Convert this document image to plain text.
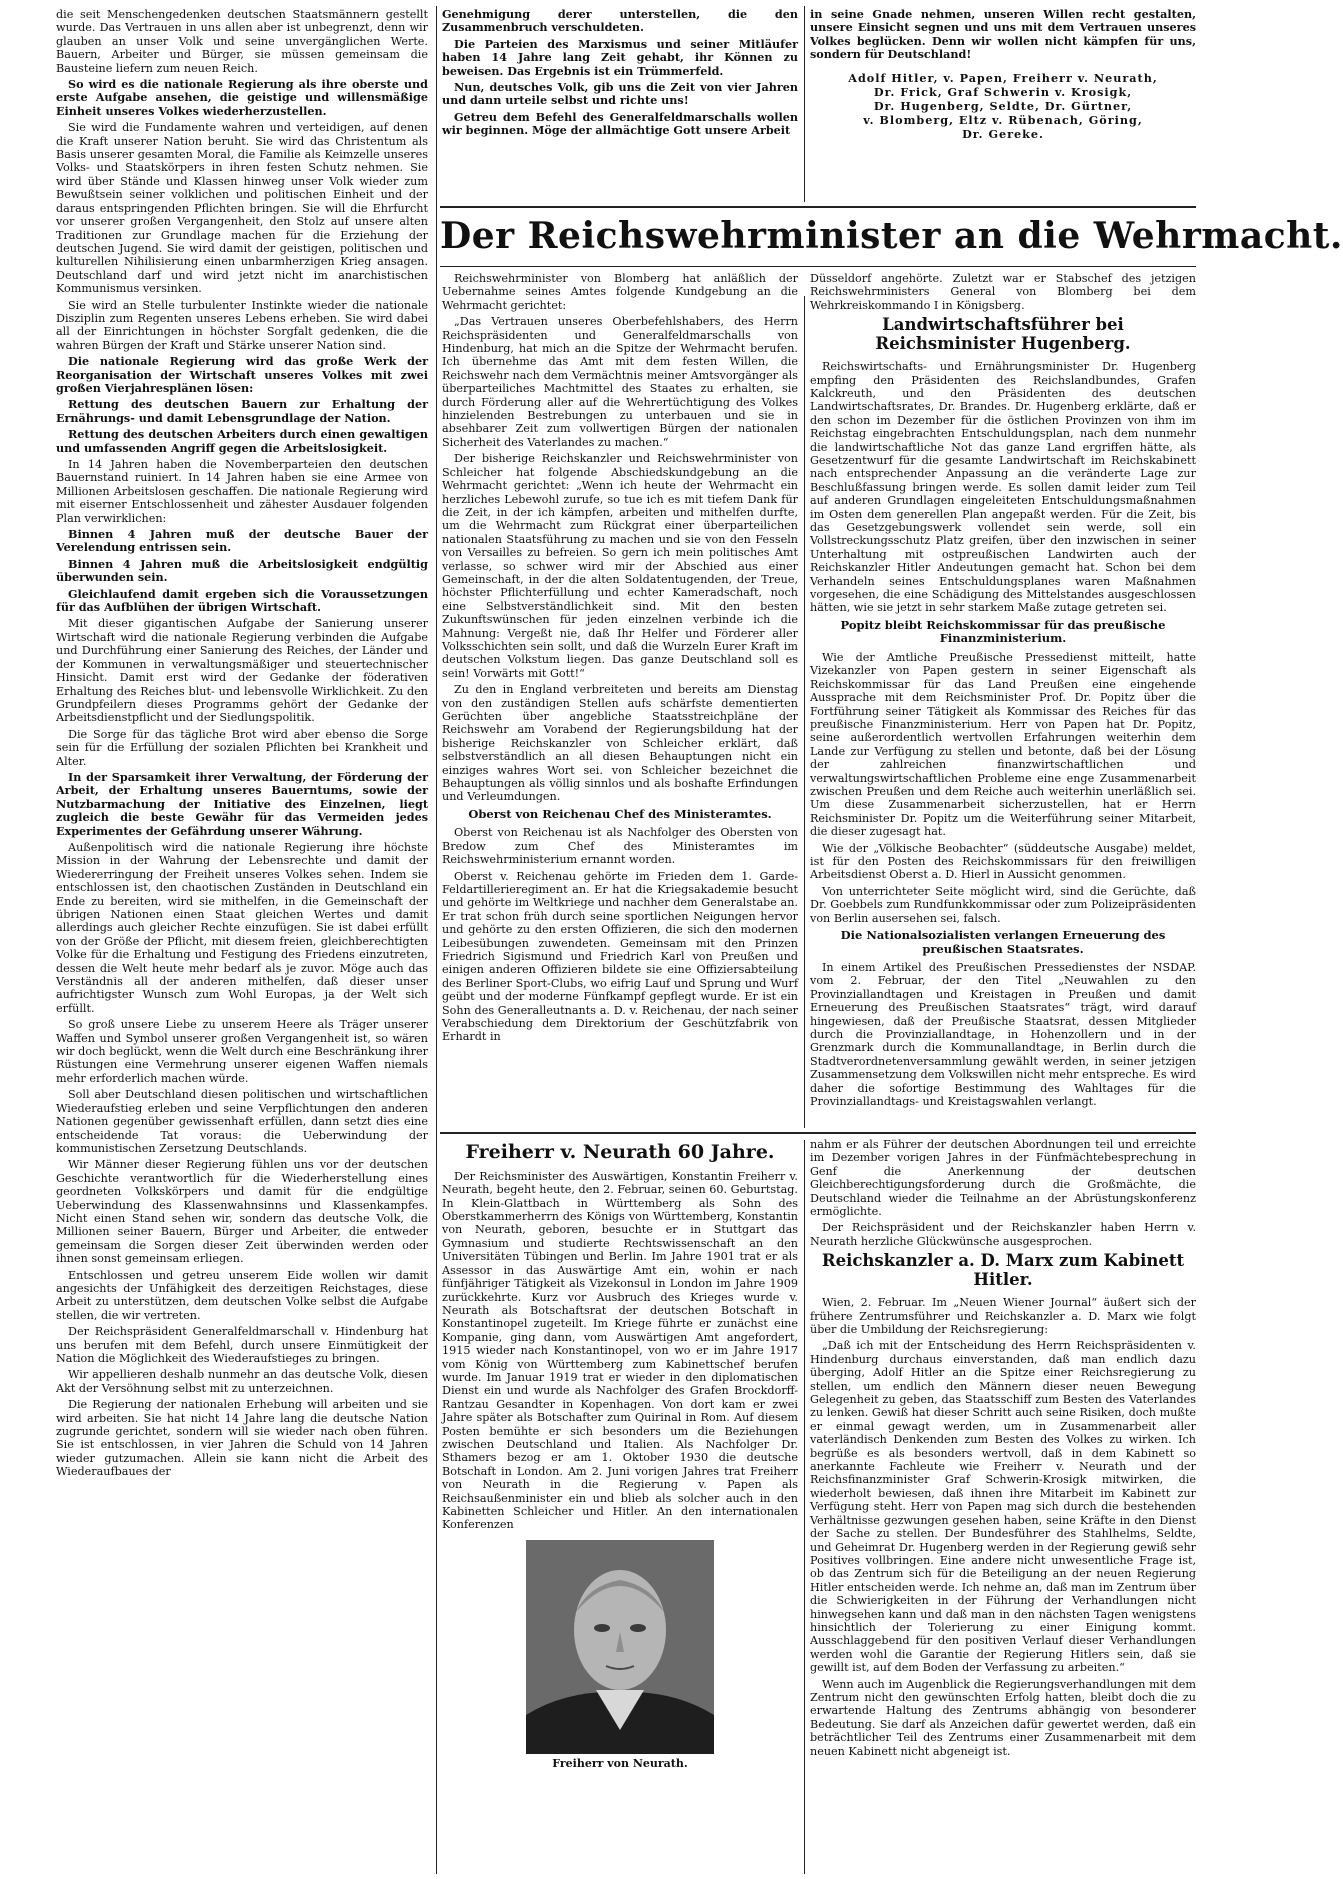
die seit Menschengedenken deutschen Staatsmännern gestellt wurde. Das Vertrauen in uns allen aber ist unbegrenzt, denn wir glauben an unser Volk und seine unvergänglichen Werte. Bauern, Arbeiter und Bürger, sie müssen gemeinsam die Bausteine liefern zum neuen Reich.

So wird es die nationale Regierung als ihre oberste und erste Aufgabe ansehen, die geistige und willensmäßige Einheit unseres Volkes wiederherzustellen.

Sie wird die Fundamente wahren und verteidigen, auf denen die Kraft unserer Nation beruht. Sie wird das Christentum als Basis unserer gesamten Moral, die Familie als Keimzelle unseres Volks- und Staatskörpers in ihren festen Schutz nehmen. Sie wird über Stände und Klassen hinweg unser Volk wieder zum Bewußtsein seiner volklichen und politischen Einheit und der daraus entspringenden Pflichten bringen. Sie will die Ehrfurcht vor unserer großen Vergangenheit, den Stolz auf unsere alten Traditionen zur Grundlage machen für die Erziehung der deutschen Jugend. Sie wird damit der geistigen, politischen und kulturellen Nihilisierung einen unbarmherzigen Krieg ansagen. Deutschland darf und wird jetzt nicht im anarchistischen Kommunismus versinken.

Sie wird an Stelle turbulenter Instinkte wieder die nationale Disziplin zum Regenten unseres Lebens erheben. Sie wird dabei all der Einrichtungen in höchster Sorgfalt gedenken, die die wahren Bürgen der Kraft und Stärke unserer Nation sind.

Die nationale Regierung wird das große Werk der Reorganisation der Wirtschaft unseres Volkes mit zwei großen Vierjahresplänen lösen:

Rettung des deutschen Bauern zur Erhaltung der Ernährungs- und damit Lebensgrundlage der Nation.

Rettung des deutschen Arbeiters durch einen gewaltigen und umfassenden Angriff gegen die Arbeitslosigkeit.

In 14 Jahren haben die Novemberparteien den deutschen Bauernstand ruiniert. In 14 Jahren haben sie eine Armee von Millionen Arbeitslosen geschaffen. Die nationale Regierung wird mit eiserner Entschlossenheit und zähester Ausdauer folgenden Plan verwirklichen:

Binnen 4 Jahren muß der deutsche Bauer der Verelendung entrissen sein.

Binnen 4 Jahren muß die Arbeitslosigkeit endgültig überwunden sein.

Gleichlaufend damit ergeben sich die Voraussetzungen für das Aufblühen der übrigen Wirtschaft.

Mit dieser gigantischen Aufgabe der Sanierung unserer Wirtschaft wird die nationale Regierung verbinden die Aufgabe und Durchführung einer Sanierung des Reiches, der Länder und der Kommunen in verwaltungsmäßiger und steuertechnischer Hinsicht. Damit erst wird der Gedanke der föderativen Erhaltung des Reiches blut- und lebensvolle Wirklichkeit. Zu den Grundpfeilern dieses Programms gehört der Gedanke der Arbeitsdienstpflicht und der Siedlungspolitik.

Die Sorge für das tägliche Brot wird aber ebenso die Sorge sein für die Erfüllung der sozialen Pflichten bei Krankheit und Alter.

In der Sparsamkeit ihrer Verwaltung, der Förderung der Arbeit, der Erhaltung unseres Bauerntums, sowie der Nutzbarmachung der Initiative des Einzelnen, liegt zugleich die beste Gewähr für das Vermeiden jedes Experimentes der Gefährdung unserer Währung.

Außenpolitisch wird die nationale Regierung ihre höchste Mission in der Wahrung der Lebensrechte und damit der Wiedererringung der Freiheit unseres Volkes sehen. Indem sie entschlossen ist, den chaotischen Zuständen in Deutschland ein Ende zu bereiten, wird sie mithelfen, in die Gemeinschaft der übrigen Nationen einen Staat gleichen Wertes und damit allerdings auch gleicher Rechte einzufügen. Sie ist dabei erfüllt von der Größe der Pflicht, mit diesem freien, gleichberechtigten Volke für die Erhaltung und Festigung des Friedens einzutreten, dessen die Welt heute mehr bedarf als je zuvor. Möge auch das Verständnis all der anderen mithelfen, daß dieser unser aufrichtigster Wunsch zum Wohl Europas, ja der Welt sich erfüllt.

So groß unsere Liebe zu unserem Heere als Träger unserer Waffen und Symbol unserer großen Vergangenheit ist, so wären wir doch beglückt, wenn die Welt durch eine Beschränkung ihrer Rüstungen eine Vermehrung unserer eigenen Waffen niemals mehr erforderlich machen würde.

Soll aber Deutschland diesen politischen und wirtschaftlichen Wiederaufstieg erleben und seine Verpflichtungen den anderen Nationen gegenüber gewissenhaft erfüllen, dann setzt dies eine entscheidende Tat voraus: die Ueberwindung der kommunistischen Zersetzung Deutschlands.

Wir Männer dieser Regierung fühlen uns vor der deutschen Geschichte verantwortlich für die Wiederherstellung eines geordneten Volkskörpers und damit für die endgültige Ueberwindung des Klassenwahnsinns und Klassenkampfes. Nicht einen Stand sehen wir, sondern das deutsche Volk, die Millionen seiner Bauern, Bürger und Arbeiter, die entweder gemeinsam die Sorgen dieser Zeit überwinden werden oder ihnen sonst gemeinsam erliegen.

Entschlossen und getreu unserem Eide wollen wir damit angesichts der Unfähigkeit des derzeitigen Reichstages, diese Arbeit zu unterstützen, dem deutschen Volke selbst die Aufgabe stellen, die wir vertreten.

Der Reichspräsident Generalfeldmarschall v. Hindenburg hat uns berufen mit dem Befehl, durch unsere Einmütigkeit der Nation die Möglichkeit des Wiederaufstieges zu bringen.

Wir appellieren deshalb nunmehr an das deutsche Volk, diesen Akt der Versöhnung selbst mit zu unterzeichnen.

Die Regierung der nationalen Erhebung will arbeiten und sie wird arbeiten. Sie hat nicht 14 Jahre lang die deutsche Nation zugrunde gerichtet, sondern will sie wieder nach oben führen. Sie ist entschlossen, in vier Jahren die Schuld von 14 Jahren wieder gutzumachen. Allein sie kann nicht die Arbeit des Wiederaufbaues der

Genehmigung derer unterstellen, die den Zusammenbruch verschuldeten.

Die Parteien des Marxismus und seiner Mitläufer haben 14 Jahre lang Zeit gehabt, ihr Können zu beweisen. Das Ergebnis ist ein Trümmerfeld.

Nun, deutsches Volk, gib uns die Zeit von vier Jahren und dann urteile selbst und richte uns!

Getreu dem Befehl des Generalfeldmarschalls wollen wir beginnen. Möge der allmächtige Gott unsere Arbeit

in seine Gnade nehmen, unseren Willen recht gestalten, unsere Einsicht segnen und uns mit dem Vertrauen unseres Volkes beglücken. Denn wir wollen nicht kämpfen für uns, sondern für Deutschland!

Adolf Hitler, v. Papen, Freiherr v. Neurath,
Dr. Frick, Graf Schwerin v. Krosigk,
Dr. Hugenberg, Seldte, Dr. Gürtner,
v. Blomberg, Eltz v. Rübenach, Göring,
Dr. Gereke.
Der Reichswehrminister an die Wehrmacht.

Reichswehrminister von Blomberg hat anläßlich der Uebernahme seines Amtes folgende Kundgebung an die Wehrmacht gerichtet:

„Das Vertrauen unseres Oberbefehlshabers, des Herrn Reichspräsidenten und Generalfeldmarschalls von Hindenburg, hat mich an die Spitze der Wehrmacht berufen. Ich übernehme das Amt mit dem festen Willen, die Reichswehr nach dem Vermächtnis meiner Amtsvorgänger als überparteiliches Machtmittel des Staates zu erhalten, sie durch Förderung aller auf die Wehrertüchtigung des Volkes hinzielenden Bestrebungen zu unterbauen und sie in absehbarer Zeit zum vollwertigen Bürgen der nationalen Sicherheit des Vaterlandes zu machen.“

Der bisherige Reichskanzler und Reichswehrminister von Schleicher hat folgende Abschiedskundgebung an die Wehrmacht gerichtet: „Wenn ich heute der Wehrmacht ein herzliches Lebewohl zurufe, so tue ich es mit tiefem Dank für die Zeit, in der ich kämpfen, arbeiten und mithelfen durfte, um die Wehrmacht zum Rückgrat einer überparteilichen nationalen Staatsführung zu machen und sie von den Fesseln von Versailles zu befreien. So gern ich mein politisches Amt verlasse, so schwer wird mir der Abschied aus einer Gemeinschaft, in der die alten Soldatentugenden, der Treue, höchster Pflichterfüllung und echter Kameradschaft, noch eine Selbstverständlichkeit sind. Mit den besten Zukunftswünschen für jeden einzelnen verbinde ich die Mahnung: Vergeßt nie, daß Ihr Helfer und Förderer aller Volksschichten sein sollt, und daß die Wurzeln Eurer Kraft im deutschen Volkstum liegen. Das ganze Deutschland soll es sein! Vorwärts mit Gott!“

Zu den in England verbreiteten und bereits am Dienstag von den zuständigen Stellen aufs schärfste dementierten Gerüchten über angebliche Staatsstreichpläne der Reichswehr am Vorabend der Regierungsbildung hat der bisherige Reichskanzler von Schleicher erklärt, daß selbstverständlich an all diesen Behauptungen nicht ein einziges wahres Wort sei. von Schleicher bezeichnet die Behauptungen als völlig sinnlos und als boshafte Erfindungen und Verleumdungen.

Oberst von Reichenau Chef des Ministeramtes.

Oberst von Reichenau ist als Nachfolger des Obersten von Bredow zum Chef des Ministeramtes im Reichswehrministerium ernannt worden.

Oberst v. Reichenau gehörte im Frieden dem 1. Garde-Feldartillerieregiment an. Er hat die Kriegsakademie besucht und gehörte im Weltkriege und nachher dem Generalstabe an. Er trat schon früh durch seine sportlichen Neigungen hervor und gehörte zu den ersten Offizieren, die sich den modernen Leibesübungen zuwendeten. Gemeinsam mit den Prinzen Friedrich Sigismund und Friedrich Karl von Preußen und einigen anderen Offizieren bildete sie eine Offiziersabteilung des Berliner Sport-Clubs, wo eifrig Lauf und Sprung und Wurf geübt und der moderne Fünfkampf gepflegt wurde. Er ist ein Sohn des Generalleutnants a. D. v. Reichenau, der nach seiner Verabschiedung dem Direktorium der Geschützfabrik von Erhardt in

Düsseldorf angehörte. Zuletzt war er Stabschef des jetzigen Reichswehrministers General von Blomberg bei dem Wehrkreiskommando I in Königsberg.

Landwirtschaftsführer bei Reichsminister Hugenberg.

Reichswirtschafts- und Ernährungsminister Dr. Hugenberg empfing den Präsidenten des Reichslandbundes, Grafen Kalckreuth, und den Präsidenten des deutschen Landwirtschaftsrates, Dr. Brandes. Dr. Hugenberg erklärte, daß er den schon im Dezember für die östlichen Provinzen von ihm im Reichstag eingebrachten Entschuldungsplan, nach dem nunmehr die landwirtschaftliche Not das ganze Land ergriffen hätte, als Gesetzentwurf für die gesamte Landwirtschaft im Reichskabinett nach entsprechender Anpassung an die veränderte Lage zur Beschlußfassung bringen werde. Es sollen damit leider zum Teil auf anderen Grundlagen eingeleiteten Entschuldungsmaßnahmen im Osten dem generellen Plan angepaßt werden. Für die Zeit, bis das Gesetzgebungswerk vollendet sein werde, soll ein Vollstreckungsschutz Platz greifen, über den inzwischen in seiner Unterhaltung mit ostpreußischen Landwirten auch der Reichskanzler Hitler Andeutungen gemacht hat. Schon bei dem Verhandeln seines Entschuldungsplanes waren Maßnahmen vorgesehen, die eine Schädigung des Mittelstandes ausgeschlossen hätten, wie sie jetzt in sehr starkem Maße zutage getreten sei.

Popitz bleibt Reichskommissar für das preußische Finanzministerium.

Wie der Amtliche Preußische Pressedienst mitteilt, hatte Vizekanzler von Papen gestern in seiner Eigenschaft als Reichskommissar für das Land Preußen eine eingehende Aussprache mit dem Reichsminister Prof. Dr. Popitz über die Fortführung seiner Tätigkeit als Kommissar des Reiches für das preußische Finanzministerium. Herr von Papen hat Dr. Popitz, seine außerordentlich wertvollen Erfahrungen weiterhin dem Lande zur Verfügung zu stellen und betonte, daß bei der Lösung der zahlreichen finanzwirtschaftlichen und verwaltungswirtschaftlichen Probleme eine enge Zusammenarbeit zwischen Preußen und dem Reiche auch weiterhin unerläßlich sei. Um diese Zusammenarbeit sicherzustellen, hat er Herrn Reichsminister Dr. Popitz um die Weiterführung seiner Mitarbeit, die dieser zugesagt hat.

Wie der „Völkische Beobachter“ (süddeutsche Ausgabe) meldet, ist für den Posten des Reichskommissars für den freiwilligen Arbeitsdienst Oberst a. D. Hierl in Aussicht genommen.

Von unterrichteter Seite möglicht wird, sind die Gerüchte, daß Dr. Goebbels zum Rundfunkkommissar oder zum Polizeipräsidenten von Berlin ausersehen sei, falsch.

Die Nationalsozialisten verlangen Erneuerung des preußischen Staatsrates.

In einem Artikel des Preußischen Pressedienstes der NSDAP. vom 2. Februar, der den Titel „Neuwahlen zu den Provinziallandtagen und Kreistagen in Preußen und damit Erneuerung des Preußischen Staatsrates“ trägt, wird darauf hingewiesen, daß der Preußische Staatsrat, dessen Mitglieder durch die Provinziallandtage, in Hohenzollern und in der Grenzmark durch die Kommunallandtage, in Berlin durch die Stadtverordnetenversammlung gewählt werden, in seiner jetzigen Zusammensetzung dem Volkswillen nicht mehr entspreche. Es wird daher die sofortige Bestimmung des Wahltages für die Provinziallandtags- und Kreistagswahlen verlangt.

Freiherr v. Neurath 60 Jahre.

Der Reichsminister des Auswärtigen, Konstantin Freiherr v. Neurath, begeht heute, den 2. Februar, seinen 60. Geburtstag. In Klein-Glattbach in Württemberg als Sohn des Oberstkammerherrn des Königs von Württemberg, Konstantin von Neurath, geboren, besuchte er in Stuttgart das Gymnasium und studierte Rechtswissenschaft an den Universitäten Tübingen und Berlin. Im Jahre 1901 trat er als Assessor in das Auswärtige Amt ein, wohin er nach fünfjähriger Tätigkeit als Vizekonsul in London im Jahre 1909 zurückkehrte. Kurz vor Ausbruch des Krieges wurde v. Neurath als Botschaftsrat der deutschen Botschaft in Konstantinopel zugeteilt. Im Kriege führte er zunächst eine Kompanie, ging dann, vom Auswärtigen Amt angefordert, 1915 wieder nach Konstantinopel, von wo er im Jahre 1917 vom König von Württemberg zum Kabinettschef berufen wurde. Im Januar 1919 trat er wieder in den diplomatischen Dienst ein und wurde als Nachfolger des Grafen Brockdorff-Rantzau Gesandter in Kopenhagen. Von dort kam er zwei Jahre später als Botschafter zum Quirinal in Rom. Auf diesem Posten bemühte er sich besonders um die Beziehungen zwischen Deutschland und Italien. Als Nachfolger Dr. Sthamers bezog er am 1. Oktober 1930 die deutsche Botschaft in London. Am 2. Juni vorigen Jahres trat Freiherr von Neurath in die Regierung v. Papen als Reichsaußenminister ein und blieb als solcher auch in den Kabinetten Schleicher und Hitler. An den internationalen Konferenzen

Freiherr von Neurath.

nahm er als Führer der deutschen Abordnungen teil und erreichte im Dezember vorigen Jahres in der Fünfmächtebesprechung in Genf die Anerkennung der deutschen Gleichberechtigungsforderung durch die Großmächte, die Deutschland wieder die Teilnahme an der Abrüstungskonferenz ermöglichte.

Der Reichspräsident und der Reichskanzler haben Herrn v. Neurath herzliche Glückwünsche ausgesprochen.

Reichskanzler a. D. Marx zum Kabinett Hitler.

Wien, 2. Februar. Im „Neuen Wiener Journal“ äußert sich der frühere Zentrumsführer und Reichskanzler a. D. Marx wie folgt über die Umbildung der Reichsregierung:

„Daß ich mit der Entscheidung des Herrn Reichspräsidenten v. Hindenburg durchaus einverstanden, daß man endlich dazu überging, Adolf Hitler an die Spitze einer Reichsregierung zu stellen, um endlich den Männern dieser neuen Bewegung Gelegenheit zu geben, das Staatsschiff zum Besten des Vaterlandes zu lenken. Gewiß hat dieser Schritt auch seine Risiken, doch mußte er einmal gewagt werden, um in Zusammenarbeit aller vaterländisch Denkenden zum Besten des Volkes zu wirken. Ich begrüße es als besonders wertvoll, daß in dem Kabinett so anerkannte Fachleute wie Freiherr v. Neurath und der Reichsfinanzminister Graf Schwerin-Krosigk mitwirken, die wiederholt bewiesen, daß ihnen ihre Mitarbeit im Kabinett zur Verfügung steht. Herr von Papen mag sich durch die bestehenden Verhältnisse gezwungen gesehen haben, seine Kräfte in den Dienst der Sache zu stellen. Der Bundesführer des Stahlhelms, Seldte, und Geheimrat Dr. Hugenberg werden in der Regierung gewiß sehr Positives vollbringen. Eine andere nicht unwesentliche Frage ist, ob das Zentrum sich für die Beteiligung an der neuen Regierung Hitler entscheiden werde. Ich nehme an, daß man im Zentrum über die Schwierigkeiten in der Führung der Verhandlungen nicht hinwegsehen kann und daß man in den nächsten Tagen wenigstens hinsichtlich der Tolerierung zu einer Einigung kommt. Ausschlaggebend für den positiven Verlauf dieser Verhandlungen werden wohl die Garantie der Regierung Hitlers sein, daß sie gewillt ist, auf dem Boden der Verfassung zu arbeiten.“

Wenn auch im Augenblick die Regierungsverhandlungen mit dem Zentrum nicht den gewünschten Erfolg hatten, bleibt doch die zu erwartende Haltung des Zentrums abhängig von besonderer Bedeutung. Sie darf als Anzeichen dafür gewertet werden, daß ein beträchtlicher Teil des Zentrums einer Zusammenarbeit mit dem neuen Kabinett nicht abgeneigt ist.
